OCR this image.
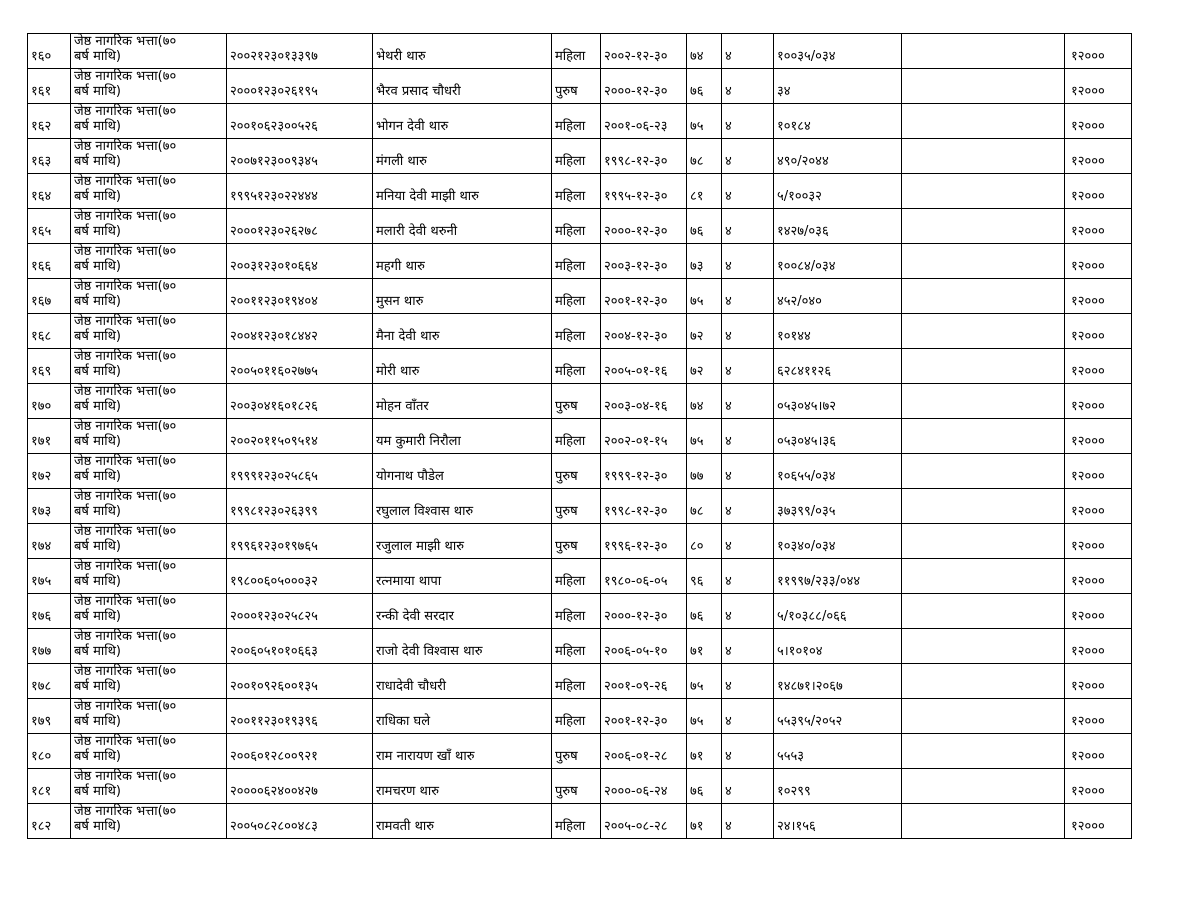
१६०	जेष्ठ नागरिक भत्ता(७०
बर्ष माथि)	२००२१२३०१३३९७	भेथरी थारु	महिला	२००२-१२-३०	७४	४	१००३५/०३४		१२०००
१६१	जेष्ठ नागरिक भत्ता(७०
बर्ष माथि)	२०००१२३०२६१९५	भैरव प्रसाद चौधरी	पुरुष	२०००-१२-३०	७६	४	३४		१२०००
१६२	जेष्ठ नागरिक भत्ता(७०
बर्ष माथि)	२००१०६२३००५२६	भोगन देवी थारु	महिला	२००१-०६-२३	७५	४	१०१८४		१२०००
१६३	जेष्ठ नागरिक भत्ता(७०
बर्ष माथि)	२००७१२३००९३४५	मंगली थारु	महिला	१९९८-१२-३०	७८	४	४९०/२०४४		१२०००
१६४	जेष्ठ नागरिक भत्ता(७०
बर्ष माथि)	१९९५१२३०२२४४४	मनिया देवी माझी थारु	महिला	१९९५-१२-३०	८१	४	५/१००३२		१२०००
१६५	जेष्ठ नागरिक भत्ता(७०
बर्ष माथि)	२०००१२३०२६२७८	मलारी देवी थरुनी	महिला	२०००-१२-३०	७६	४	१४२७/०३६		१२०००
१६६	जेष्ठ नागरिक भत्ता(७०
बर्ष माथि)	२००३१२३०१०६६४	महगी थारु	महिला	२००३-१२-३०	७३	४	१००८४/०३४		१२०००
१६७	जेष्ठ नागरिक भत्ता(७०
बर्ष माथि)	२००११२३०१९४०४	मुसन थारु	महिला	२००१-१२-३०	७५	४	४५२/०४०		१२०००
१६८	जेष्ठ नागरिक भत्ता(७०
बर्ष माथि)	२००४१२३०१८४४२	मैना देवी थारु	महिला	२००४-१२-३०	७२	४	१०१४४		१२०००
१६९	जेष्ठ नागरिक भत्ता(७०
बर्ष माथि)	२००५०११६०२७७५	मोरी थारु	महिला	२००५-०१-१६	७२	४	६२८४११२६		१२०००
१७०	जेष्ठ नागरिक भत्ता(७०
बर्ष माथि)	२००३०४१६०१८२६	मोहन वाँतर	पुरुष	२००३-०४-१६	७४	४	०५३०४५।७२		१२०००
१७१	जेष्ठ नागरिक भत्ता(७०
बर्ष माथि)	२००२०११५०९५१४	यम कुमारी निरौला	महिला	२००२-०१-१५	७५	४	०५३०४५।३६		१२०००
१७२	जेष्ठ नागरिक भत्ता(७०
बर्ष माथि)	१९९९१२३०२५८६५	योगनाथ पौडेल	पुरुष	१९९९-१२-३०	७७	४	१०६५५/०३४		१२०००
१७३	जेष्ठ नागरिक भत्ता(७०
बर्ष माथि)	१९९८१२३०२६३९९	रघुलाल विश्वास थारु	पुरुष	१९९८-१२-३०	७८	४	३७३९९/०३५		१२०००
१७४	जेष्ठ नागरिक भत्ता(७०
बर्ष माथि)	१९९६१२३०१९७६५	रजुलाल माझी थारु	पुरुष	१९९६-१२-३०	८०	४	१०३४०/०३४		१२०००
१७५	जेष्ठ नागरिक भत्ता(७०
बर्ष माथि)	१९८००६०५०००३२	रत्नमाया थापा	महिला	१९८०-०६-०५	९६	४	११९९७/२३३/०४४		१२०००
१७६	जेष्ठ नागरिक भत्ता(७०
बर्ष माथि)	२०००१२३०२५८२५	रन्की देवी सरदार	महिला	२०००-१२-३०	७६	४	५/१०३८८/०६६		१२०००
१७७	जेष्ठ नागरिक भत्ता(७०
बर्ष माथि)	२००६०५१०१०६६३	राजो देवी विश्वास थारु	महिला	२००६-०५-१०	७१	४	५।१०१०४		१२०००
१७८	जेष्ठ नागरिक भत्ता(७०
बर्ष माथि)	२००१०९२६००१३५	राधादेवी चौधरी	महिला	२००१-०९-२६	७५	४	१४८७१।२०६७		१२०००
१७९	जेष्ठ नागरिक भत्ता(७०
बर्ष माथि)	२००११२३०१९३९६	राधिका घले	महिला	२००१-१२-३०	७५	४	५५३९५/२०५२		१२०००
१८०	जेष्ठ नागरिक भत्ता(७०
बर्ष माथि)	२००६०१२८००९२१	राम नारायण खाँ थारु	पुरुष	२००६-०१-२८	७१	४	५५५३		१२०००
१८१	जेष्ठ नागरिक भत्ता(७०
बर्ष माथि)	२००००६२४००४२७	रामचरण थारु	पुरुष	२०००-०६-२४	७६	४	१०२९९		१२०००
१८२	जेष्ठ नागरिक भत्ता(७०
बर्ष माथि)	२००५०८२८००४८३	रामवती थारु	महिला	२००५-०८-२८	७१	४	२४।१५६		१२०००
